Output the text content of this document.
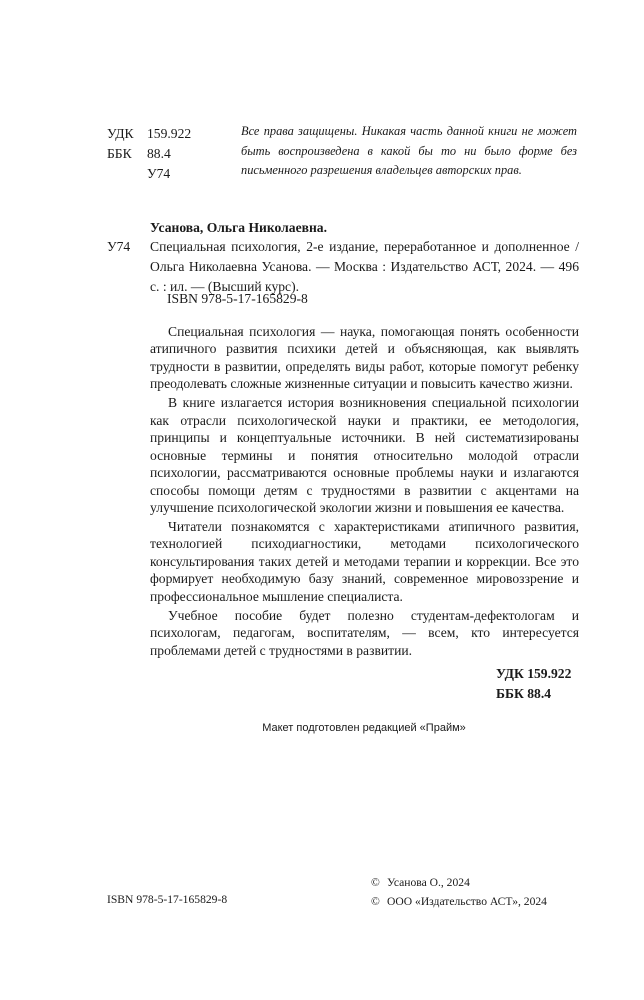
УДК 159.922
ББК	88.4
У74
Все права защищены. Никакая часть данной книги не может быть воспроизведена в какой бы то ни было форме без письменного разрешения владельцев авторских прав.
Усанова, Ольга Николаевна.
У74 Специальная психология, 2-е издание, переработанное и дополненное / Ольга Николаевна Усанова. — Москва : Издательство АСТ, 2024. — 496 с. : ил. — (Высший курс).
ISBN 978-5-17-165829-8

Специальная психология — наука, помогающая понять особенности атипичного развития психики детей и объясняющая, как выявлять трудности в развитии, определять виды работ, которые помогут ребенку преодолевать сложные жизненные ситуации и повысить качество жизни.

В книге излагается история возникновения специальной психологии как отрасли психологической науки и практики, ее методология, принципы и концептуальные источники. В ней систематизированы основные термины и понятия относительно молодой отрасли психологии, рассматриваются основные проблемы науки и излагаются способы помощи детям с трудностями в развитии с акцентами на улучшение психологической экологии жизни и повышения ее качества.

Читатели познакомятся с характеристиками атипичного развития, технологией психодиагностики, методами психологического консультирования таких детей и методами терапии и коррекции. Все это формирует необходимую базу знаний, современное мировоззрение и профессиональное мышление специалиста.

Учебное пособие будет полезно студентам-дефектологам и психологам, педагогам, воспитателям, — всем, кто интересуется проблемами детей с трудностями в развитии.

УДК 159.922
ББК 88.4
Макет подготовлен редакцией «Прайм»
ISBN 978-5-17-165829-8
© Усанова О., 2024
© ООО «Издательство АСТ», 2024
